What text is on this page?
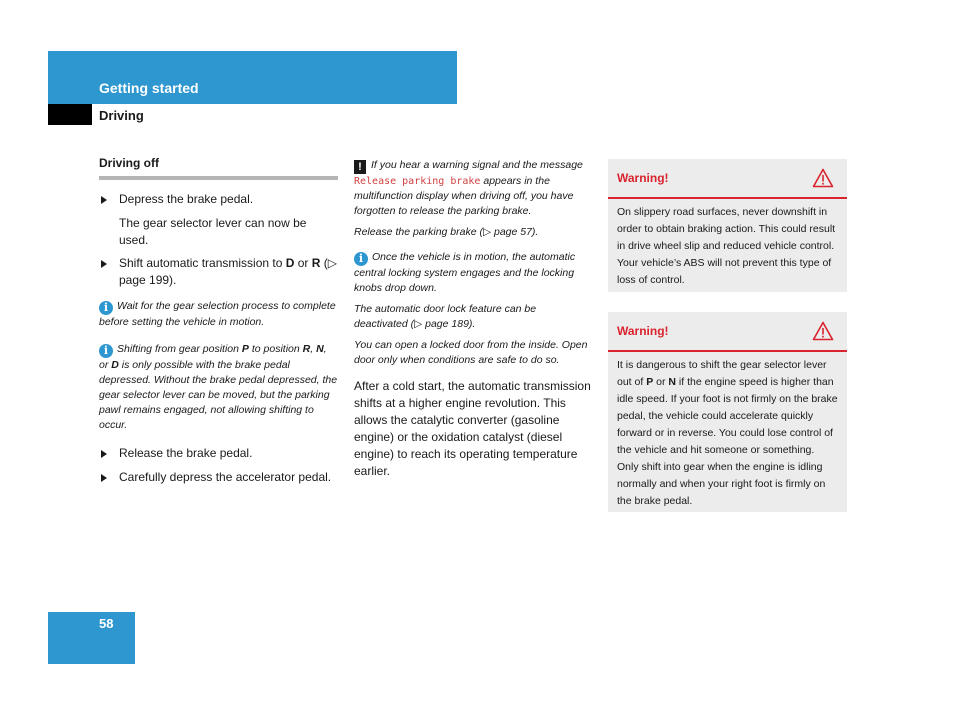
Getting started
Driving
Driving off
Depress the brake pedal.
The gear selector lever can now be used.
Shift automatic transmission to D or R (▷ page 199).

i Wait for the gear selection process to complete before setting the vehicle in motion.

i Shifting from gear position P to position R, N, or D is only possible with the brake pedal depressed. Without the brake pedal depressed, the gear selector lever can be moved, but the parking pawl remains engaged, not allowing shifting to occur.

Release the brake pedal.
Carefully depress the accelerator pedal.

! If you hear a warning signal and the message Release parking brake appears in the multifunction display when driving off, you have forgotten to release the parking brake.

Release the parking brake (▷ page 57).

i Once the vehicle is in motion, the automatic central locking system engages and the locking knobs drop down.

The automatic door lock feature can be deactivated (▷ page 189).

You can open a locked door from the inside. Open door only when conditions are safe to do so.

After a cold start, the automatic transmission shifts at a higher engine revolution. This allows the catalytic converter (gasoline engine) or the oxidation catalyst (diesel engine) to reach its operating temperature earlier.
Warning!
On slippery road surfaces, never downshift in order to obtain braking action. This could result in drive wheel slip and reduced vehicle control. Your vehicle’s ABS will not prevent this type of loss of control.
Warning!
It is dangerous to shift the gear selector lever out of P or N if the engine speed is higher than idle speed. If your foot is not firmly on the brake pedal, the vehicle could accelerate quickly forward or in reverse. You could lose control of the vehicle and hit someone or something. Only shift into gear when the engine is idling normally and when your right foot is firmly on the brake pedal.
58
